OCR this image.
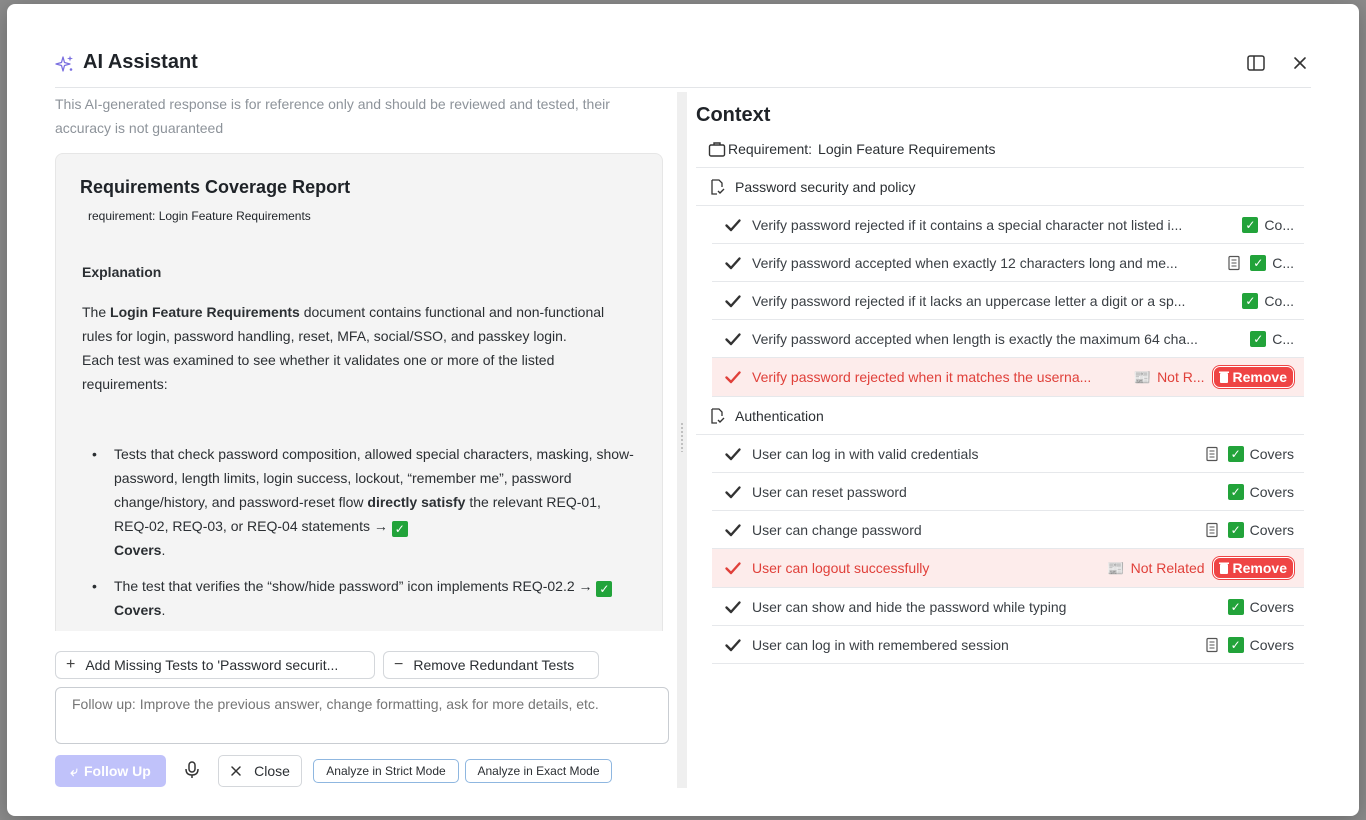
AI Assistant
This AI-generated response is for reference only and should be reviewed and tested, their accuracy is not guaranteed
Requirements Coverage Report
requirement: Login Feature Requirements
Explanation
The Login Feature Requirements document contains functional and non-functional rules for login, password handling, reset, MFA, social/SSO, and passkey login.
Each test was examined to see whether it validates one or more of the listed requirements:
• Tests that check password composition, allowed special characters, masking, show-password, length limits, login success, lockout, “remember me”, password change/history, and password-reset flow directly satisfy the relevant REQ-01, REQ-02, REQ-03, or REQ-04 statements → ✓
Covers.
• The test that verifies the “show/hide password” icon implements REQ-02.2 → ✓ Covers.
+ Add Missing Tests to 'Password securit...	− Remove Redundant Tests
Follow up: Improve the previous answer, change formatting, ask for more details, etc.
⤶ Follow Up	Close	Analyze in Strict Mode	Analyze in Exact Mode
Context
Requirement: Login Feature Requirements
Password security and policy
Verify password rejected if it contains a special character not listed i...	✓ Co...
Verify password accepted when exactly 12 characters long and me...	✓ C...
Verify password rejected if it lacks an uppercase letter a digit or a sp...	✓ Co...
Verify password accepted when length is exactly the maximum 64 cha...	✓ C...
Verify password rejected when it matches the userna...	📰 Not R... Remove
Authentication
User can log in with valid credentials	✓ Covers
User can reset password	✓ Covers
User can change password	✓ Covers
User can logout successfully	📰 Not Related Remove
User can show and hide the password while typing	✓ Covers
User can log in with remembered session	✓ Covers
